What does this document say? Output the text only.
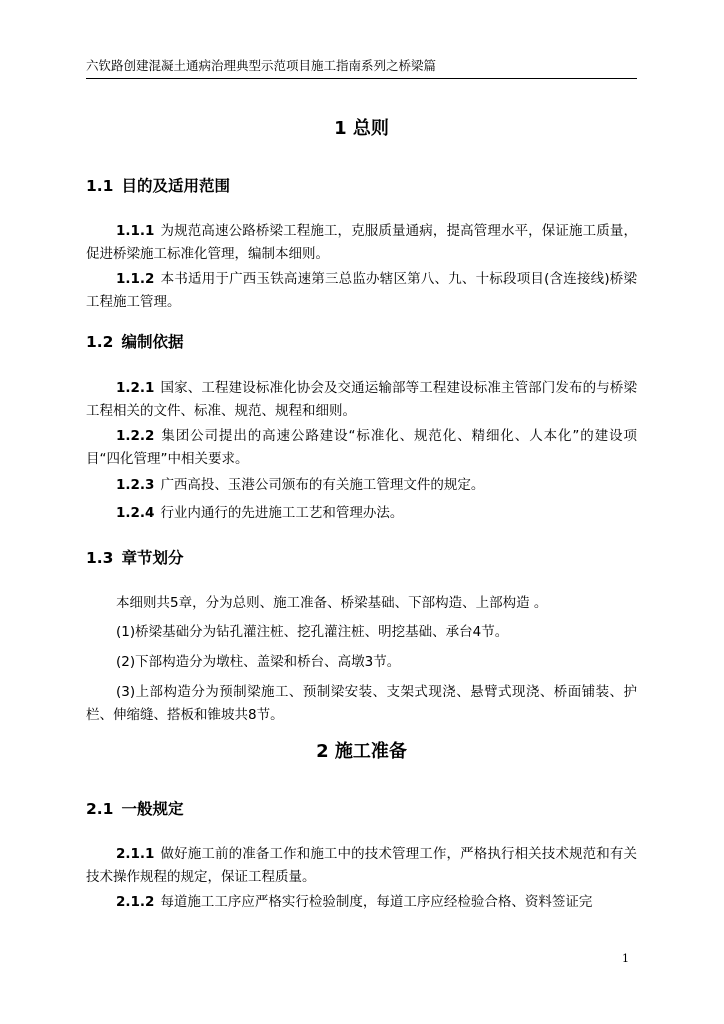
六钦路创建混凝土通病治理典型示范项目施工指南系列之桥梁篇
1 总则
1.1 目的及适用范围
1.1.1 为规范高速公路桥梁工程施工，克服质量通病，提高管理水平，保证施工质量，促进桥梁施工标准化管理，编制本细则。
1.1.2 本书适用于广西玉铁高速第三总监办辖区第八、九、十标段项目(含连接线)桥梁工程施工管理。
1.2 编制依据
1.2.1 国家、工程建设标准化协会及交通运输部等工程建设标准主管部门发布的与桥梁工程相关的文件、标准、规范、规程和细则。
1.2.2 集团公司提出的高速公路建设“标准化、规范化、精细化、人本化”的建设项目“四化管理”中相关要求。
1.2.3 广西高投、玉港公司颁布的有关施工管理文件的规定。
1.2.4 行业内通行的先进施工工艺和管理办法。
1.3 章节划分
本细则共5章，分为总则、施工准备、桥梁基础、下部构造、上部构造 。
(1)桥梁基础分为钻孔灌注桩、挖孔灌注桩、明挖基础、承台4节。
(2)下部构造分为墩柱、盖梁和桥台、高墩3节。
(3)上部构造分为预制梁施工、预制梁安装、支架式现浇、悬臂式现浇、桥面铺装、护栏、伸缩缝、搭板和锥坡共8节。
2 施工准备
2.1 一般规定
2.1.1 做好施工前的准备工作和施工中的技术管理工作，严格执行相关技术规范和有关技术操作规程的规定，保证工程质量。
2.1.2 每道施工工序应严格实行检验制度，每道工序应经检验合格、资料签证完
1
